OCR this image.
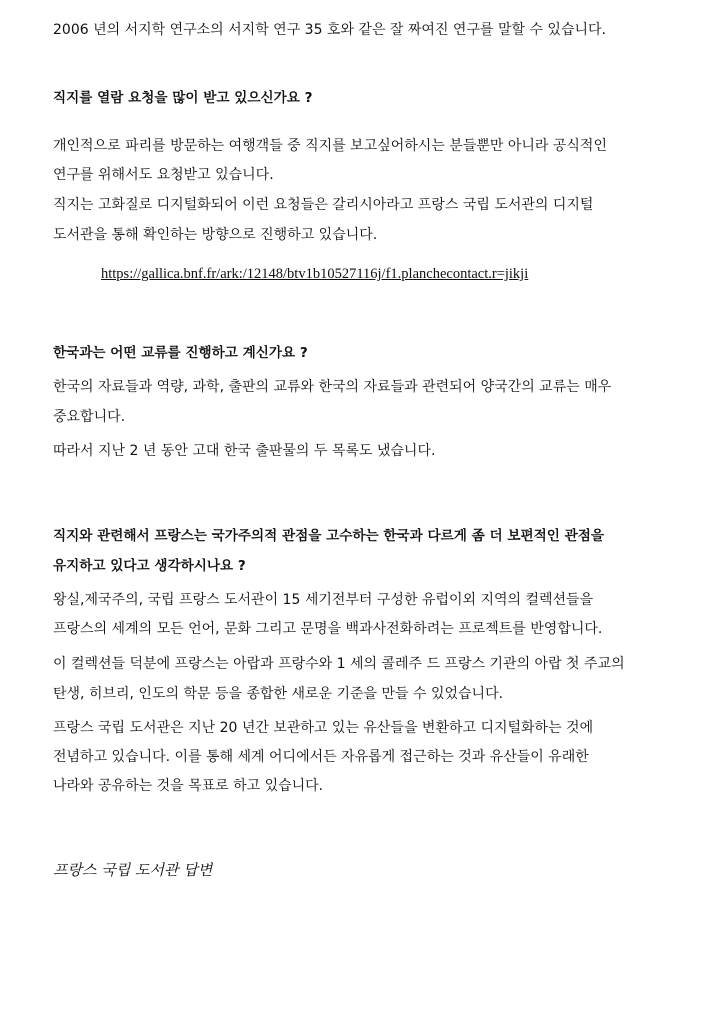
2006 년의 서지학 연구소의 서지학 연구 35 호와 같은 잘 짜여진 연구를 말할 수 있습니다.
직지를 열람 요청을 많이 받고 있으신가요 ?
개인적으로 파리를 방문하는 여행객들 중 직지를 보고싶어하시는 분들뿐만 아니라 공식적인
연구를 위해서도 요청받고 있습니다.
직지는 고화질로 디지털화되어 이런 요청들은 갈리시아라고 프랑스 국립 도서관의 디지털
도서관을 통해 확인하는 방향으로 진행하고 있습니다.
https://gallica.bnf.fr/ark:/12148/btv1b10527116j/f1.planchecontact.r=jikji
한국과는 어떤 교류를 진행하고 계신가요 ?
한국의 자료들과 역량, 과학, 출판의 교류와 한국의 자료들과 관련되어 양국간의 교류는 매우
중요합니다.
따라서 지난 2 년 동안 고대 한국 출판물의 두 목록도 냈습니다.
직지와 관련해서 프랑스는 국가주의적 관점을 고수하는 한국과 다르게 좀 더 보편적인 관점을
유지하고 있다고 생각하시나요 ?
왕실,제국주의, 국립 프랑스 도서관이 15 세기전부터 구성한 유럽이외 지역의 컬렉션들을
프랑스의 세계의 모든 언어, 문화 그리고 문명을 백과사전화하려는 프로젝트를 반영합니다.
이 컬렉션들 덕분에 프랑스는 아랍과 프랑수와 1 세의 콜레주 드 프랑스 기관의 아랍 첫 주교의
탄생, 히브리, 인도의 학문 등을 종합한 새로운 기준을 만들 수 있었습니다.
프랑스 국립 도서관은 지난 20 년간 보관하고 있는 유산들을 변환하고 디지털화하는 것에
전념하고 있습니다. 이를 통해 세계 어디에서든 자유롭게 접근하는 것과 유산들이 유래한
나라와 공유하는 것을 목표로 하고 있습니다.
프랑스 국립 도서관 답변
